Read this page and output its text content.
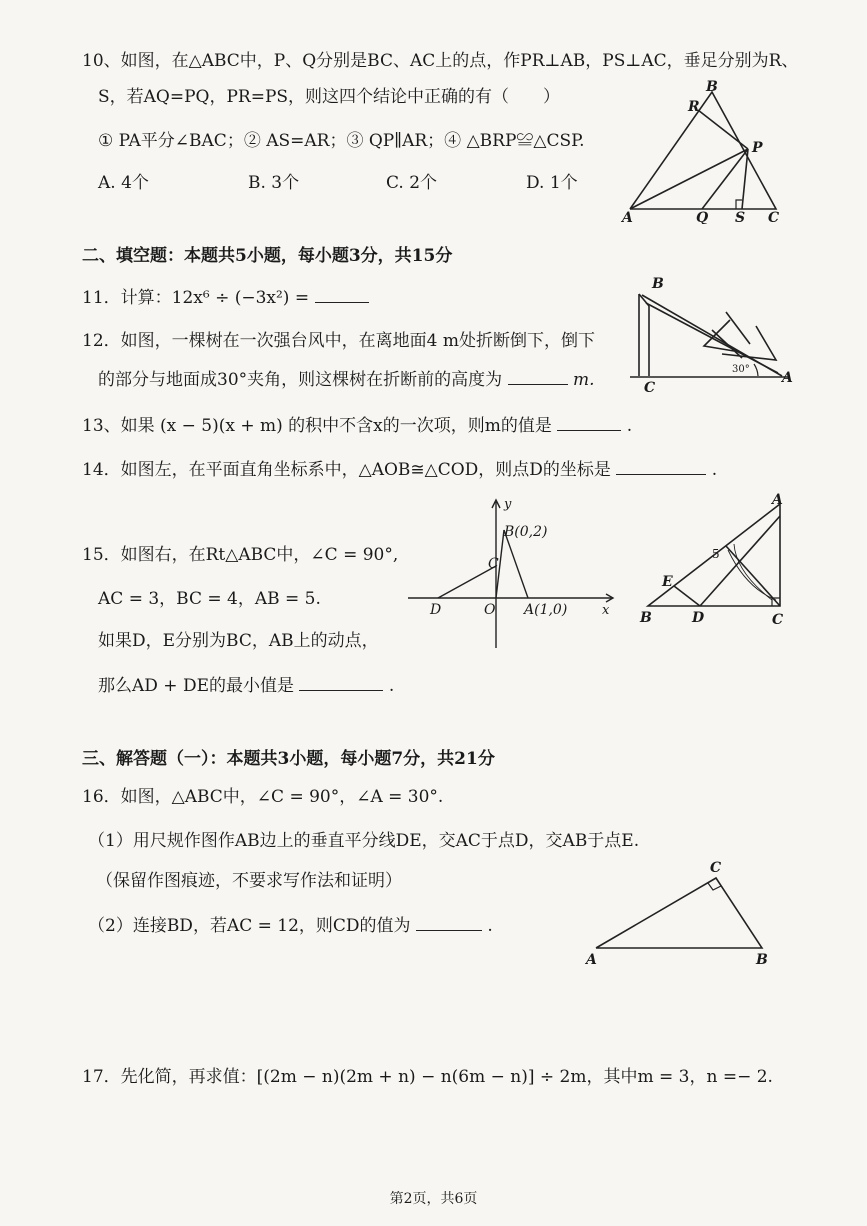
10、如图，在△ABC中，P、Q分别是BC、AC上的点，作PR⊥AB，PS⊥AC，垂足分别为R、
S，若AQ=PQ，PR=PS，则这四个结论中正确的有（　　）
① PA平分∠BAC；② AS=AR；③ QP∥AR；④ △BRP≌△CSP.
A. 4个	B. 3个	C. 2个	D. 1个
B
R
P
A	Q S C
二、填空题：本题共5小题，每小题3分，共15分
11．计算：12x⁶ ÷ (−3x²) =
12．如图，一棵树在一次强台风中，在离地面4 m处折断倒下，倒下
的部分与地面成30°夹角，则这棵树在折断前的高度为	m.
B
C
A
30°
13、如果 (x − 5)(x + m) 的积中不含x的一次项，则m的值是	.
14．如图左，在平面直角坐标系中，△AOB≅△COD，则点D的坐标是	.
15．如图右，在Rt△ABC中，∠C = 90°,
AC = 3，BC = 4，AB = 5.
如果D，E分别为BC，AB上的动点，
那么AD + DE的最小值是	.
y
B(0,2)
C
D	O A(1,0)	x
A
E
B	D	C
5
三、解答题（一）：本题共3小题，每小题7分，共21分
16．如图，△ABC中，∠C = 90°，∠A = 30°.
（1）用尺规作图作AB边上的垂直平分线DE，交AC于点D，交AB于点E.
（保留作图痕迹，不要求写作法和证明）
（2）连接BD，若AC = 12，则CD的值为	.
C
A	B
17．先化简，再求值：[(2m − n)(2m + n) − n(6m − n)] ÷ 2m，其中m = 3，n =− 2.
第2页，共6页
